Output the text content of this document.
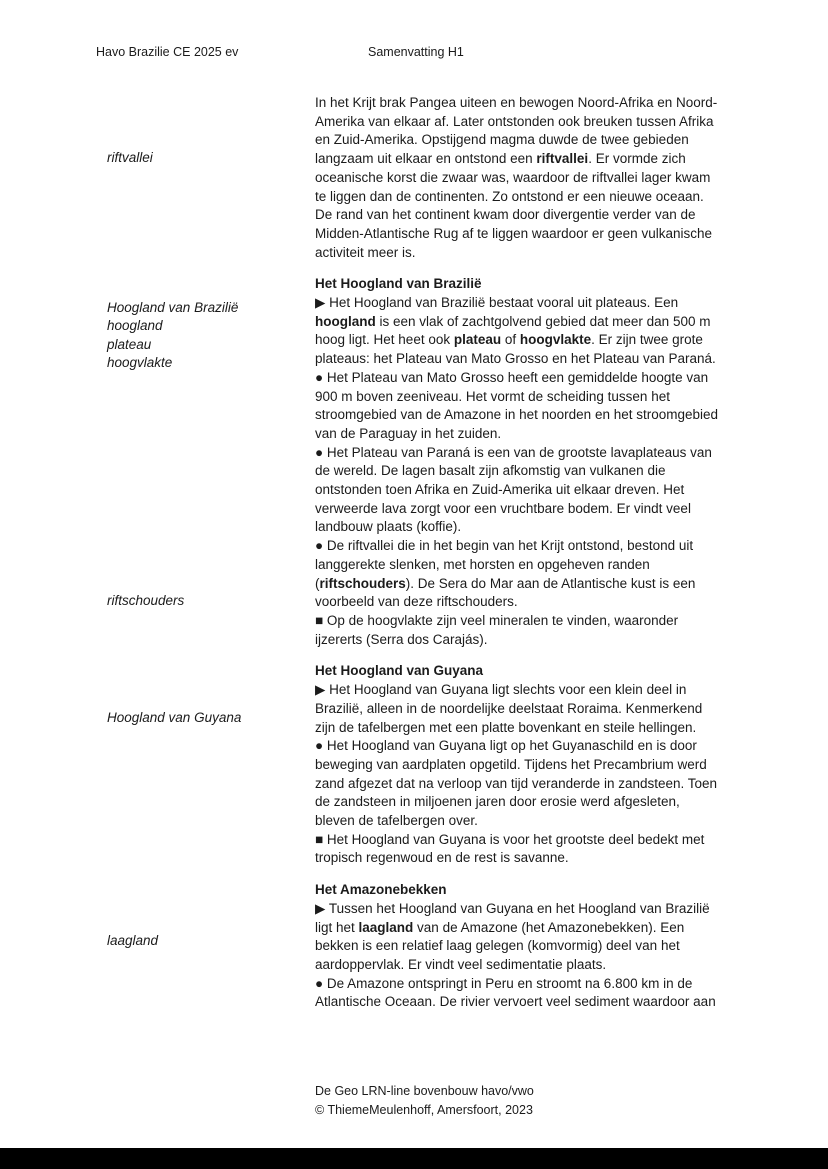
Havo Brazilie CE 2025 ev	Samenvatting H1
riftvallei
Hoogland van Brazilië
hoogland
plateau
hoogvlakte
riftschouders
Hoogland van Guyana
laagland

In het Krijt brak Pangea uiteen en bewogen Noord-Afrika en Noord-Amerika van elkaar af. Later ontstonden ook breuken tussen Afrika en Zuid-Amerika. Opstijgend magma duwde de twee gebieden langzaam uit elkaar en ontstond een riftvallei. Er vormde zich oceanische korst die zwaar was, waardoor de riftvallei lager kwam te liggen dan de continenten. Zo ontstond er een nieuwe oceaan.

De rand van het continent kwam door divergentie verder van de Midden-Atlantische Rug af te liggen waardoor er geen vulkanische activiteit meer is.

Het Hoogland van Brazilië

▶ Het Hoogland van Brazilië bestaat vooral uit plateaus. Een hoogland is een vlak of zachtgolvend gebied dat meer dan 500 m hoog ligt. Het heet ook plateau of hoogvlakte. Er zijn twee grote plateaus: het Plateau van Mato Grosso en het Plateau van Paraná.

● Het Plateau van Mato Grosso heeft een gemiddelde hoogte van 900 m boven zeeniveau. Het vormt de scheiding tussen het stroomgebied van de Amazone in het noorden en het stroomgebied van de Paraguay in het zuiden.

● Het Plateau van Paraná is een van de grootste lavaplateaus van de wereld. De lagen basalt zijn afkomstig van vulkanen die ontstonden toen Afrika en Zuid-Amerika uit elkaar dreven. Het verweerde lava zorgt voor een vruchtbare bodem. Er vindt veel landbouw plaats (koffie).

● De riftvallei die in het begin van het Krijt ontstond, bestond uit langgerekte slenken, met horsten en opgeheven randen (riftschouders). De Sera do Mar aan de Atlantische kust is een voorbeeld van deze riftschouders.

■ Op de hoogvlakte zijn veel mineralen te vinden, waaronder ijzererts (Serra dos Carajás).

Het Hoogland van Guyana

▶ Het Hoogland van Guyana ligt slechts voor een klein deel in Brazilië, alleen in de noordelijke deelstaat Roraima. Kenmerkend zijn de tafelbergen met een platte bovenkant en steile hellingen.

● Het Hoogland van Guyana ligt op het Guyanaschild en is door beweging van aardplaten opgetild. Tijdens het Precambrium werd zand afgezet dat na verloop van tijd veranderde in zandsteen. Toen de zandsteen in miljoenen jaren door erosie werd afgesleten, bleven de tafelbergen over.

■ Het Hoogland van Guyana is voor het grootste deel bedekt met tropisch regenwoud en de rest is savanne.

Het Amazonebekken

▶ Tussen het Hoogland van Guyana en het Hoogland van Brazilië ligt het laagland van de Amazone (het Amazonebekken). Een bekken is een relatief laag gelegen (komvormig) deel van het aardoppervlak. Er vindt veel sedimentatie plaats.

● De Amazone ontspringt in Peru en stroomt na 6.800 km in de Atlantische Oceaan. De rivier vervoert veel sediment waardoor aan

De Geo LRN-line bovenbouw havo/vwo
© ThiemeMeulenhoff, Amersfoort, 2023
